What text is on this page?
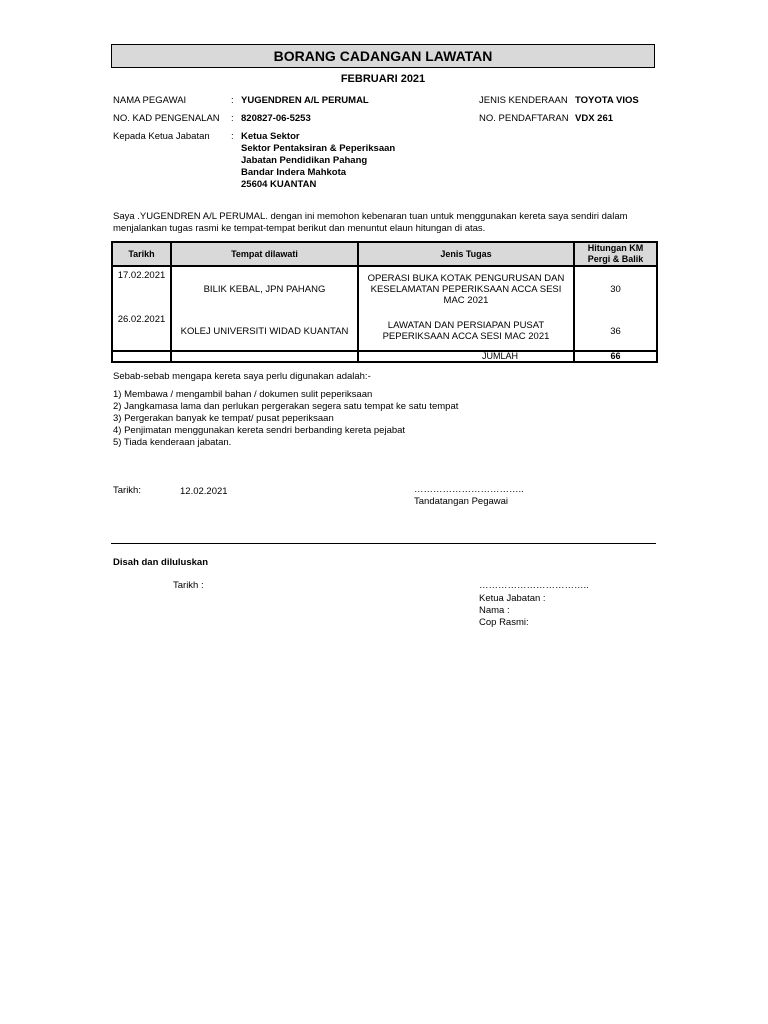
BORANG CADANGAN LAWATAN
FEBRUARI 2021
NAMA PEGAWAI	: YUGENDREN A/L PERUMAL
NO. KAD PENGENALAN : 820827-06-5253
Kepada Ketua Jabatan : Ketua Sektor
Sektor Pentaksiran & Peperiksaan
Jabatan Pendidikan Pahang
Bandar Indera Mahkota
25604 KUANTAN
JENIS KENDERAAN TOYOTA VIOS
NO. PENDAFTARAN VDX 261
Saya .YUGENDREN A/L PERUMAL. dengan ini memohon kebenaran tuan untuk menggunakan kereta saya sendiri dalam
menjalankan tugas rasmi ke tempat-tempat berikut dan menuntut elaun hitungan di atas.
Tarikh	Tempat dilawati	Jenis Tugas	Hitungan KM Pergi & Balik
17.02.2021	BILIK KEBAL, JPN PAHANG	OPERASI BUKA KOTAK PENGURUSAN DAN KESELAMATAN PEPERIKSAAN ACCA SESI MAC 2021	30
26.02.2021	KOLEJ UNIVERSITI WIDAD KUANTAN	LAWATAN DAN PERSIAPAN PUSAT PEPERIKSAAN ACCA SESI MAC 2021	36
		JUMLAH	66
Sebab-sebab mengapa kereta saya perlu digunakan adalah:-
1) Membawa / mengambil bahan / dokumen sulit peperiksaan
2) Jangkamasa lama dan perlukan pergerakan segera satu tempat ke satu tempat
3) Pergerakan banyak ke tempat/ pusat peperiksaan
4) Penjimatan menggunakan kereta sendri berbanding kereta pejabat
5) Tiada kenderaan jabatan.
Tarikh:	12.02.2021	……………………………..
Tandatangan Pegawai
Disah dan diluluskan
Tarikh :	……………………………..
Ketua Jabatan :
Nama :
Cop Rasmi:
